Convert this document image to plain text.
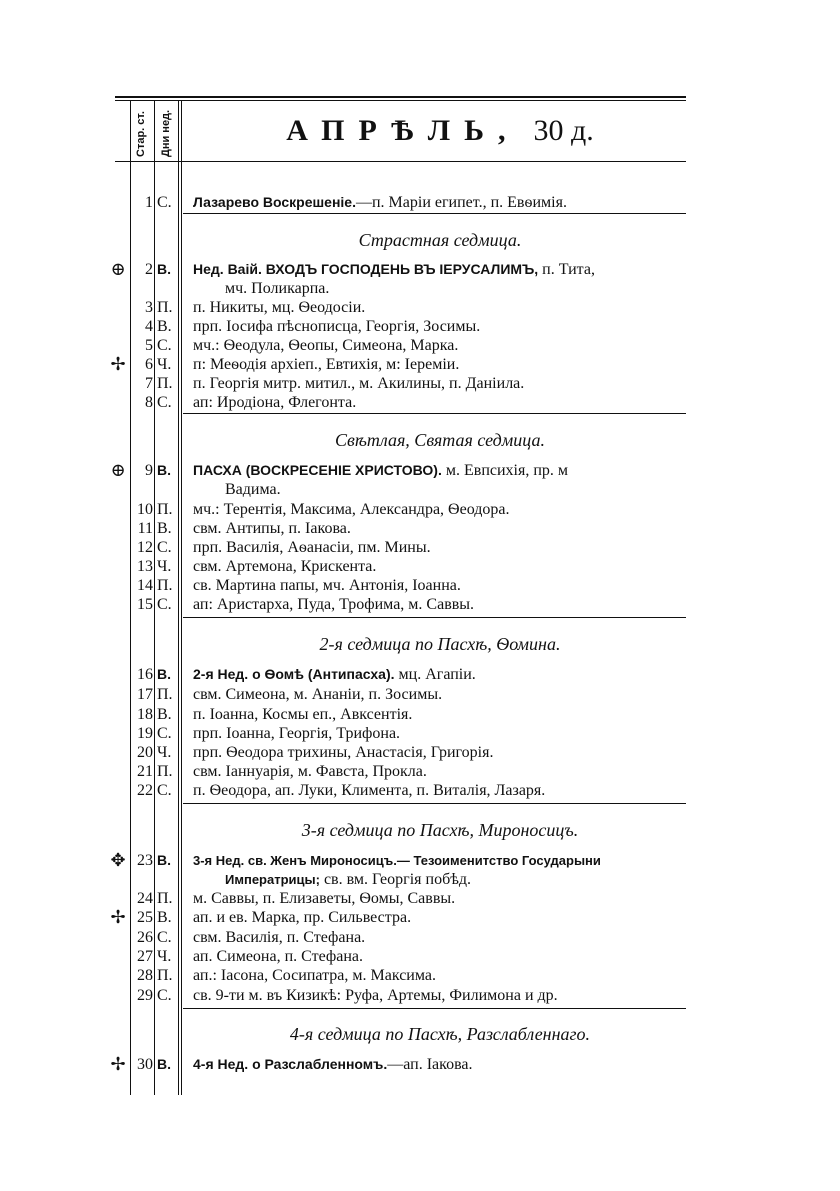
Стар. ст. Дни нед.	АПРѢЛЬ, 30 д.
1 С.	Лазарево Воскрешеніе.—п. Маріи египет., п. Евѳимія.
Страстная седмица.
⊕	2 В.	Нед. Ваій. ВХОДЪ ГОСПОДЕНЬ ВЪ ІЕРУСАЛИМЪ, п. Тита,
мч. Поликарпа.
3 П. п. Никиты, мц. Ѳеодосіи.
4 В.	прп. Іосифа пѣснописца, Георгія, Зосимы.
5 С.	мч.: Ѳеодула, Ѳеопы, Симеона, Марка.
✢	6 Ч.	п: Меѳодія архіеп., Евтихія, м: Іереміи.
7 П. п. Георгія митр. митил., м. Акилины, п. Даніила.
8 С.	ап: Иродіона, Флегонта.
Свѣтлая, Святая седмица.
⊕	9 В.	ПАСХА (ВОСКРЕСЕНІЕ ХРИСТОВО). м. Евпсихія, пр. м
Вадима.
10 П. мч.: Терентія, Максима, Александра, Ѳеодора.
11 В.	свм. Антипы, п. Іакова.
12 С.	прп. Василія, Аѳанасіи, пм. Мины.
13 Ч.	свм. Артемона, Крискента.
14 П. св. Мартина папы, мч. Антонія, Іоанна.
15 С.	ап: Аристарха, Пуда, Трофима, м. Саввы.
2-я седмица по Пасхѣ, Ѳомина.
16 В.	2-я Нед. о Ѳомѣ (Антипасха). мц. Агапіи.
17 П. свм. Симеона, м. Ананіи, п. Зосимы.
18 В.	п. Іоанна, Космы еп., Авксентія.
19 С.	прп. Іоанна, Георгія, Трифона.
20 Ч.	прп. Ѳеодора трихины, Анастасія, Григорія.
21 П. свм. Іаннуарія, м. Фавста, Прокла.
22 С.	п. Ѳеодора, ап. Луки, Климента, п. Виталія, Лазаря.
3-я седмица по Пасхѣ, Мироносицъ.
✥ 23 В.	3-я Нед. св. Женъ Мироносицъ.— Тезоименитство Государыни
Императрицы; св. вм. Георгія побѣд.
24 П. м. Саввы, п. Елизаветы, Ѳомы, Саввы.
✢ 25 В.	ап. и ев. Марка, пр. Сильвестра.
26 С.	свм. Василія, п. Стефана.
27 Ч.	ап. Симеона, п. Стефана.
28 П. ап.: Іасона, Сосипатра, м. Максима.
29 С.	св. 9-ти м. въ Кизикѣ: Руфа, Артемы, Филимона и др.
4-я седмица по Пасхѣ, Разслабленнаго.
✢ 30 В.	4-я Нед. о Разслабленномъ.—ап. Іакова.
